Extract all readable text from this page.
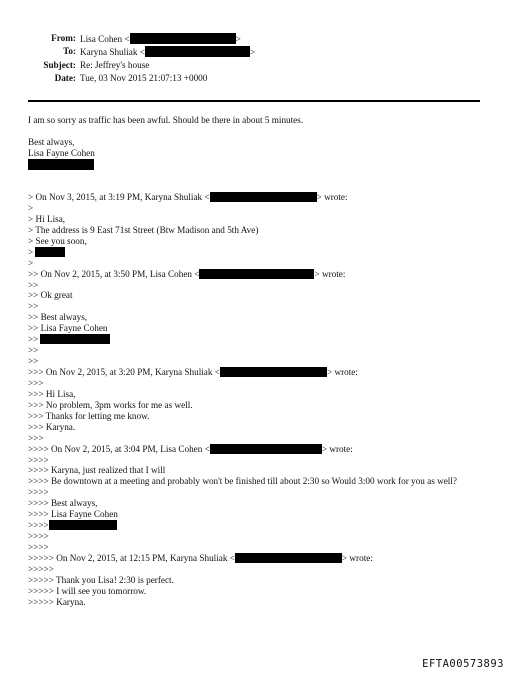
From: Lisa Cohen <	>
To: Karyna Shuliak <	>
Subject: Re: Jeffrey's house
Date: Tue, 03 Nov 2015 21:07:13 +0000
I am so sorry as traffic has been awful. Should be there in about 5 minutes.
Best always,
Lisa Fayne Cohen
> On Nov 3, 2015, at 3:19 PM, Karyna Shuliak <	> wrote:
>
> Hi Lisa,
> The address is 9 East 71st Street (Btw Madison and 5th Ave)
> See you soon,
>
>
>> On Nov 2, 2015, at 3:50 PM, Lisa Cohen <	> wrote:
>>
>> Ok great
>>
>> Best always,
>> Lisa Fayne Cohen
>>
>>
>>
>>> On Nov 2, 2015, at 3:20 PM, Karyna Shuliak <	> wrote:
>>>
>>> Hi Lisa,
>>> No problem, 3pm works for me as well.
>>> Thanks for letting me know.
>>> Karyna.
>>>
>>>> On Nov 2, 2015, at 3:04 PM, Lisa Cohen <	> wrote:
>>>>
>>>> Karyna, just realized that I will
>>>> Be downtown at a meeting and probably won't be finished till about 2:30 so Would 3:00 work for you as well?
>>>>
>>>> Best always,
>>>> Lisa Fayne Cohen
>>>>
>>>>
>>>>
>>>>> On Nov 2, 2015, at 12:15 PM, Karyna Shuliak <	> wrote:
>>>>>
>>>>> Thank you Lisa! 2:30 is perfect.
>>>>> I will see you tomorrow.
>>>>> Karyna.
EFTA00573893
